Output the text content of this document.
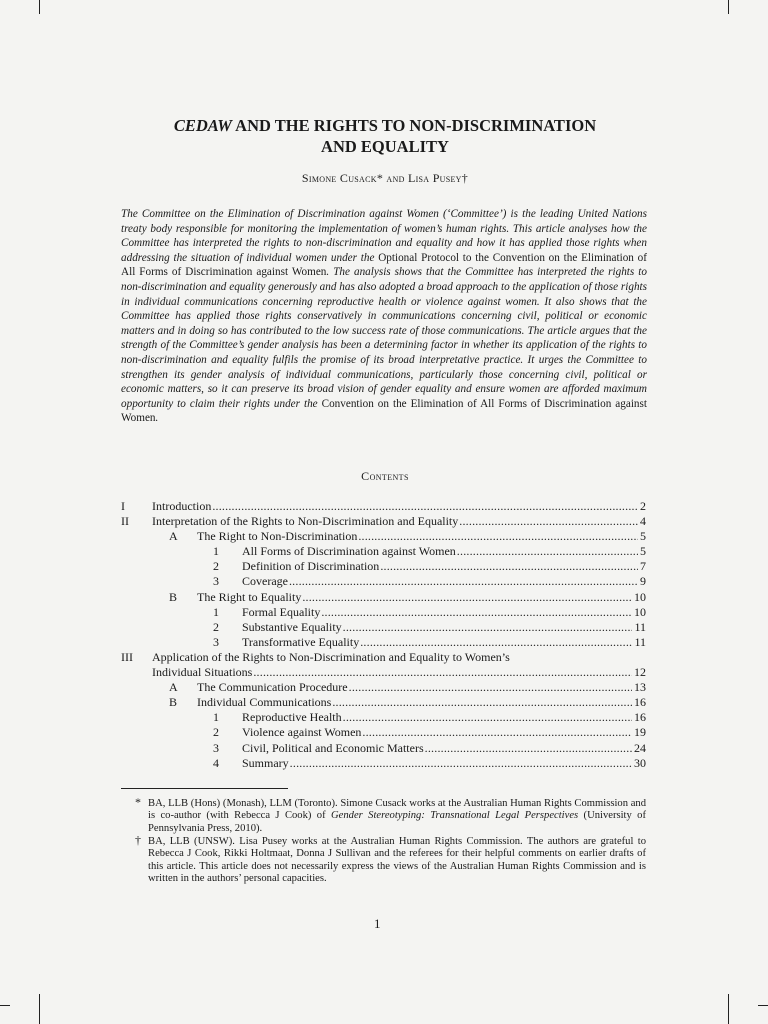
CEDAW AND THE RIGHTS TO NON-DISCRIMINATION
AND EQUALITY
Simone Cusack* and Lisa Pusey†
The Committee on the Elimination of Discrimination against Women (‘Committee’) is the leading United Nations treaty body responsible for monitoring the implementation of women’s human rights. This article analyses how the Committee has interpreted the rights to non-discrimination and equality and how it has applied those rights when addressing the situation of individual women under the Optional Protocol to the Convention on the Elimination of All Forms of Discrimination against Women. The analysis shows that the Committee has interpreted the rights to non-discrimination and equality generously and has also adopted a broad approach to the application of those rights in individual communications concerning reproductive health or violence against women. It also shows that the Committee has applied those rights conservatively in communications concerning civil, political or economic matters and in doing so has contributed to the low success rate of those communications. The article argues that the strength of the Committee’s gender analysis has been a determining factor in whether its application of the rights to non-discrimination and equality fulfils the promise of its broad interpretative practice. It urges the Committee to strengthen its gender analysis of individual communications, particularly those concerning civil, political or economic matters, so it can preserve its broad vision of gender equality and ensure women are afforded maximum opportunity to claim their rights under the Convention on the Elimination of All Forms of Discrimination against Women.
Contents
I Introduction .....	2
II Interpretation of the Rights to Non-Discrimination and Equality .....	4
A The Right to Non-Discrimination .....	5
1 All Forms of Discrimination against Women .....	5
2 Definition of Discrimination .....	7
3 Coverage .....	9
B The Right to Equality .....	10
1 Formal Equality .....	10
2 Substantive Equality .....	11
3 Transformative Equality .....	11
III Application of the Rights to Non-Discrimination and Equality to Women’s
Individual Situations .....	12
A The Communication Procedure .....	13
B Individual Communications .....	16
1 Reproductive Health .....	16
2 Violence against Women .....	19
3 Civil, Political and Economic Matters .....	24
4 Summary .....	30
* BA, LLB (Hons) (Monash), LLM (Toronto). Simone Cusack works at the Australian Human Rights Commission and is co-author (with Rebecca J Cook) of Gender Stereotyping: Transnational Legal Perspectives (University of Pennsylvania Press, 2010).
† BA, LLB (UNSW). Lisa Pusey works at the Australian Human Rights Commission. The authors are grateful to Rebecca J Cook, Rikki Holtmaat, Donna J Sullivan and the referees for their helpful comments on earlier drafts of this article. This article does not necessarily express the views of the Australian Human Rights Commission and is written in the authors’ personal capacities.
1
